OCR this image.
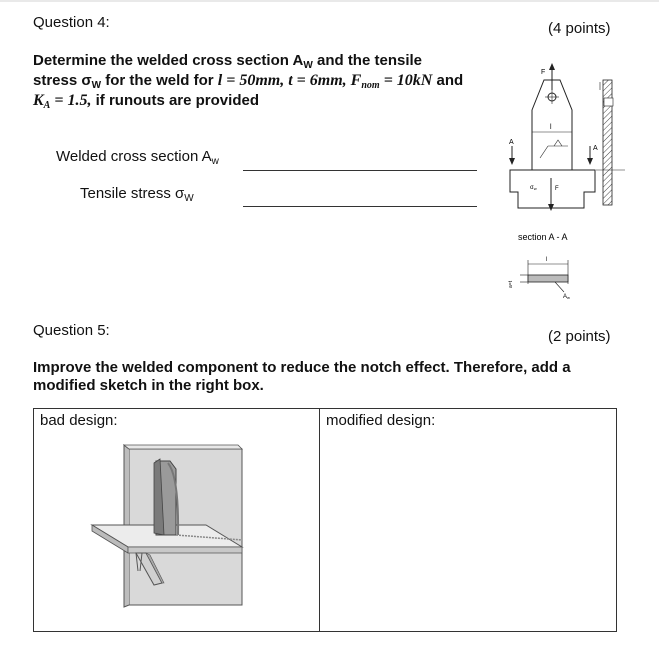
Question 4:	(4 points)
Determine the welded cross section $A_W$ and the tensile
stress $\sigma_W$ for the weld for l = 50mm, t = 6mm, $F_{nom} = 10kN$ and
$K_A = 1.5$, if runouts are provided
Welded cross section $A_w$
Tensile stress $\sigma_W$
F
l
A
A
F
σw
section A - A
l
a=t
Aw
Question 5:	(2 points)
Improve the welded component to reduce the notch effect. Therefore, add a
modified sketch in the right box.
bad design:	modified design:
